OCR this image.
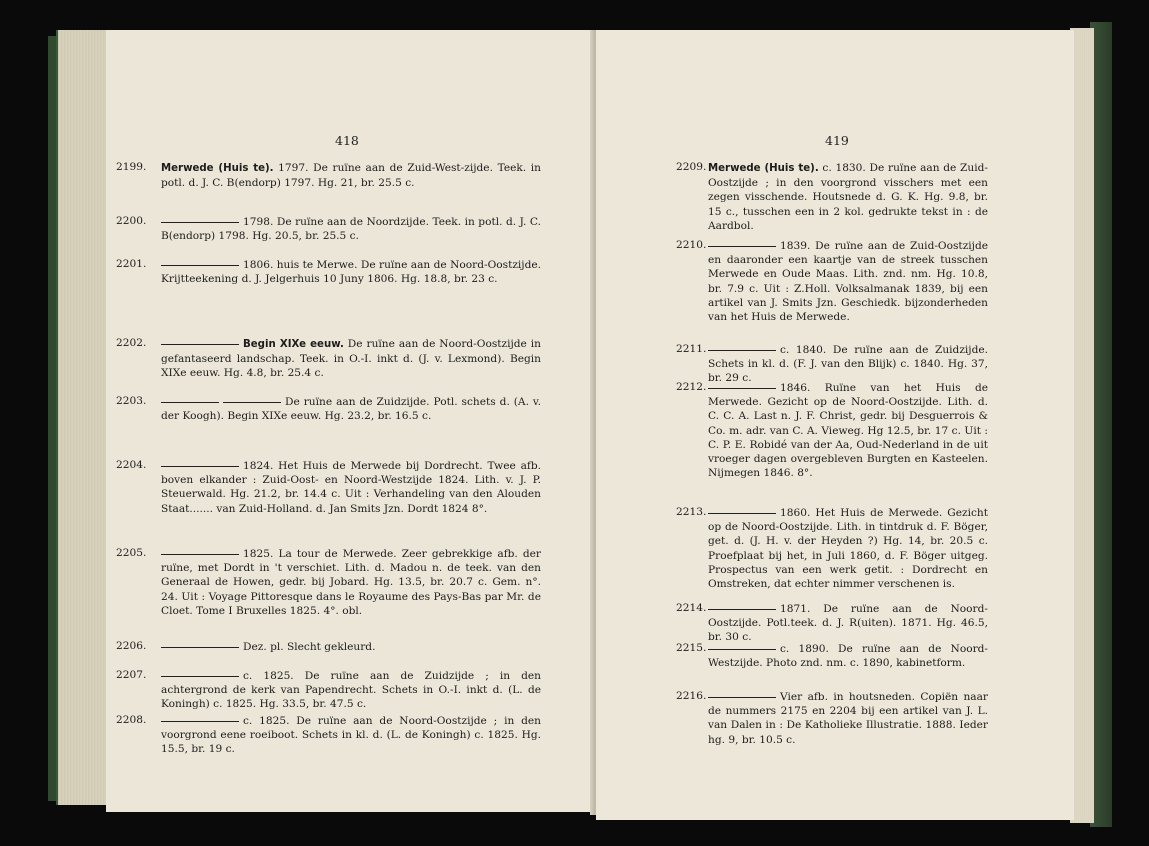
418
2199. Merwede (Huis te). 1797. De ruïne aan de Zuid-West-zijde. Teek. in potl. d. J. C. B(endorp) 1797. Hg. 21, br. 25.5 c.
2200.	1798. De ruïne aan de Noordzijde. Teek. in potl. d. J. C. B(endorp) 1798. Hg. 20.5, br. 25.5 c.
2201.	1806. huis te Merwe. De ruïne aan de Noord-Oostzijde. Krijtteekening d. J. Jelgerhuis 10 Juny 1806. Hg. 18.8, br. 23 c.
2202.	Begin XIXe eeuw. De ruïne aan de Noord-Oostzijde in gefantaseerd landschap. Teek. in O.-I. inkt d. (J. v. Lexmond). Begin XIXe eeuw. Hg. 4.8, br. 25.4 c.
2203.	De ruïne aan de Zuidzijde. Potl. schets d. (A. v. der Koogh). Begin XIXe eeuw. Hg. 23.2, br. 16.5 c.
2204.	1824. Het Huis de Merwede bij Dordrecht. Twee afb. boven elkander : Zuid-Oost- en Noord-Westzijde 1824. Lith. v. J. P. Steuerwald. Hg. 21.2, br. 14.4 c. Uit : Verhandeling van den Alouden Staat....... van Zuid-Holland. d. Jan Smits Jzn. Dordt 1824 8°.
2205.	1825. La tour de Merwede. Zeer gebrekkige afb. der ruïne, met Dordt in 't verschiet. Lith. d. Madou n. de teek. van den Generaal de Howen, gedr. bij Jobard. Hg. 13.5, br. 20.7 c. Gem. n°. 24. Uit : Voyage Pittoresque dans le Royaume des Pays-Bas par Mr. de Cloet. Tome I Bruxelles 1825. 4°. obl.
2206.	Dez. pl. Slecht gekleurd.
2207.	c. 1825. De ruïne aan de Zuidzijde ; in den achtergrond de kerk van Papendrecht. Schets in O.-I. inkt d. (L. de Koningh) c. 1825. Hg. 33.5, br. 47.5 c.
2208.	c. 1825. De ruïne aan de Noord-Oostzijde ; in den voorgrond eene roeiboot. Schets in kl. d. (L. de Koningh) c. 1825. Hg. 15.5, br. 19 c.
419
2209. Merwede (Huis te). c. 1830. De ruïne aan de Zuid-Oostzijde ; in den voorgrond visschers met een zegen visschende. Houtsnede d. G. K. Hg. 9.8, br. 15 c., tusschen een in 2 kol. gedrukte tekst in : de Aardbol.
2210.	1839. De ruïne aan de Zuid-Oostzijde en daaronder een kaartje van de streek tusschen Merwede en Oude Maas. Lith. znd. nm. Hg. 10.8, br. 7.9 c. Uit : Z.Holl. Volksalmanak 1839, bij een artikel van J. Smits Jzn. Geschiedk. bijzonderheden van het Huis de Merwede.
2211.	c. 1840. De ruïne aan de Zuidzijde. Schets in kl. d. (F. J. van den Blijk) c. 1840. Hg. 37, br. 29 c.
2212.	1846. Ruïne van het Huis de Merwede. Gezicht op de Noord-Oostzijde. Lith. d. C. C. A. Last n. J. F. Christ, gedr. bij Desguerrois & Co. m. adr. van C. A. Vieweg. Hg 12.5, br. 17 c. Uit : C. P. E. Robidé van der Aa, Oud-Nederland in de uit vroeger dagen overgebleven Burgten en Kasteelen. Nijmegen 1846. 8°.
2213.	1860. Het Huis de Merwede. Gezicht op de Noord-Oostzijde. Lith. in tintdruk d. F. Böger, get. d. (J. H. v. der Heyden ?) Hg. 14, br. 20.5 c. Proefplaat bij het, in Juli 1860, d. F. Böger uitgeg. Prospectus van een werk getit. : Dordrecht en Omstreken, dat echter nimmer verschenen is.
2214.	1871. De ruïne aan de Noord-Oostzijde. Potl.teek. d. J. R(uiten). 1871. Hg. 46.5, br. 30 c.
2215.	c. 1890. De ruïne aan de Noord-Westzijde. Photo znd. nm. c. 1890, kabinetform.
2216.	Vier afb. in houtsneden. Copiën naar de nummers 2175 en 2204 bij een artikel van J. L. van Dalen in : De Katholieke Illustratie. 1888. Ieder hg. 9, br. 10.5 c.
